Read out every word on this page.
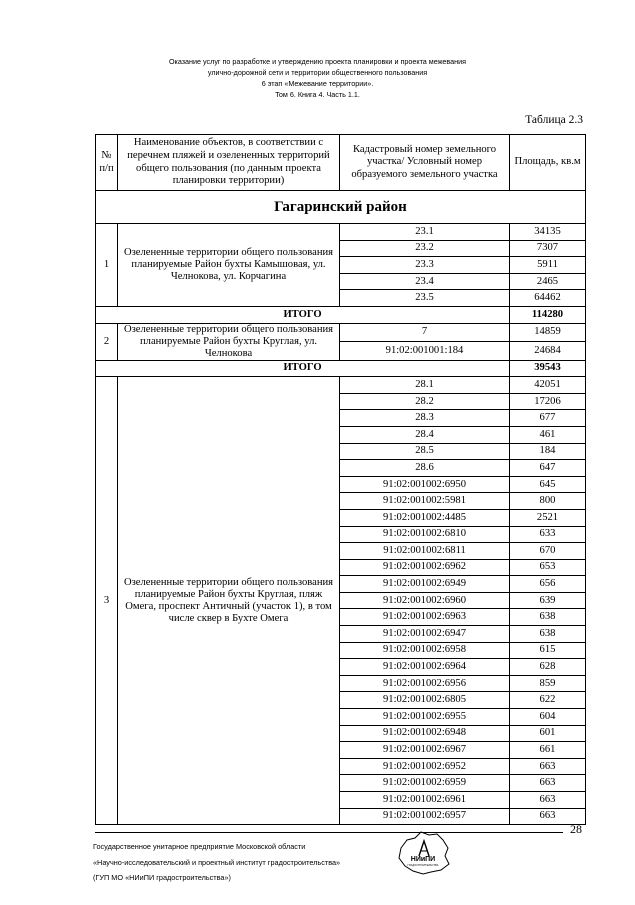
Оказание услуг по разработке и утверждению проекта планировки и проекта межевания
улично-дорожной сети и территории общественного пользования
6 этап «Межевание территории».
Том 6. Книга 4. Часть 1.1.
Таблица 2.3
№ п/п	Наименование объектов, в соответствии с перечнем пляжей и озелененных территорий общего пользования (по данным проекта планировки территории)	Кадастровый номер земельного участка/ Условный номер образуемого земельного участка	Площадь, кв.м
Гагаринский район			
1	Озелененные территории общего пользования планируемые Район бухты Камышовая, ул. Челнокова, ул. Корчагина	23.1	34135
		23.2	7307
		23.3	5911
		23.4	2465
		23.5	64462
ИТОГО			114280
2	Озелененные территории общего пользования планируемые Район бухты Круглая, ул. Челнокова	7	14859
		91:02:001001:184	24684
ИТОГО			39543
3	Озелененные территории общего пользования планируемые Район бухты Круглая, пляж Омега, проспект Античный (участок 1), в том числе сквер в Бухте Омега	28.1	42051
		28.2	17206
		28.3	677
		28.4	461
		28.5	184
		28.6	647
		91:02:001002:6950	645
		91:02:001002:5981	800
		91:02:001002:4485	2521
		91:02:001002:6810	633
		91:02:001002:6811	670
		91:02:001002:6962	653
		91:02:001002:6949	656
		91:02:001002:6960	639
		91:02:001002:6963	638
		91:02:001002:6947	638
		91:02:001002:6958	615
		91:02:001002:6964	628
		91:02:001002:6956	859
		91:02:001002:6805	622
		91:02:001002:6955	604
		91:02:001002:6948	601
		91:02:001002:6967	661
		91:02:001002:6952	663
		91:02:001002:6959	663
		91:02:001002:6961	663
		91:02:001002:6957	663
28
Государственное унитарное предприятие Московской области
«Научно-исследовательский и проектный институт градостроительства»
(ГУП МО «НИиПИ градостроительства»)
НИиПИ
ГРАДОСТРОИТЕЛЬСТВА
